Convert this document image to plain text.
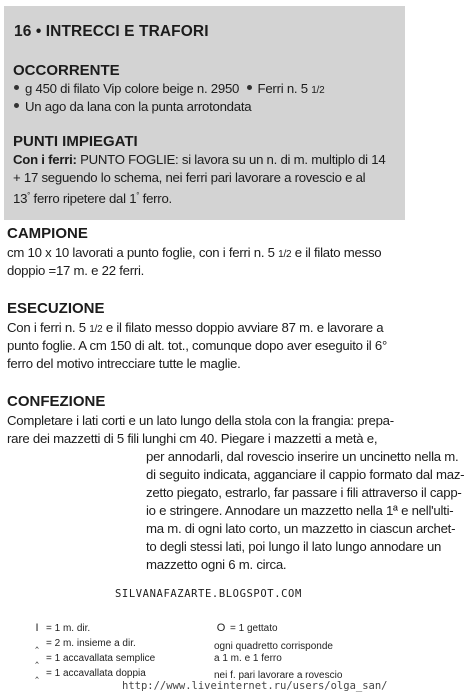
16 • INTRECCI E TRAFORI
OCCORRENTE
g 450 di filato Vip colore beige n. 2950 Ferri n. 5 1/2
Un ago da lana con la punta arrotondata
PUNTI IMPIEGATI
Con i ferri: PUNTO FOGLIE: si lavora su un n. di m. multiplo di 14
+ 17 seguendo lo schema, nei ferri pari lavorare a rovescio e al
13° ferro ripetere dal 1° ferro.
CAMPIONE
cm 10 x 10 lavorati a punto foglie, con i ferri n. 5 1/2 e il filato messo
doppio =17 m. e 22 ferri.
ESECUZIONE
Con i ferri n. 5 1/2 e il filato messo doppio avviare 87 m. e lavorare a
punto foglie. A cm 150 di alt. tot., comunque dopo aver eseguito il 6°
ferro del motivo intrecciare tutte le maglie.
CONFEZIONE
Completare i lati corti e un lato lungo della stola con la frangia: prepa-
rare dei mazzetti di 5 fili lunghi cm 40. Piegare i mazzetti a metà e,
per annodarli, dal rovescio inserire un uncinetto nella m.
di seguito indicata, agganciare il cappio formato dal maz-
zetto piegato, estrarlo, far passare i fili attraverso il capp-
io e stringere. Annodare un mazzetto nella 1ª e nell'ulti-
ma m. di ogni lato corto, un mazzetto in ciascun archet-
to degli stessi lati, poi lungo il lato lungo annodare un
mazzetto ogni 6 m. circa.
SILVANAFAZARTE.BLOGSPOT.COM
I = 1 m. dir.
‸ = 2 m. insieme a dir.
‸ = 1 accavallata semplice
‸ = 1 accavallata doppia
O = 1 gettato
ogni quadretto corrisponde
a 1 m. e 1 ferro
nei f. pari lavorare a rovescio
http://www.liveinternet.ru/users/olga_san/
